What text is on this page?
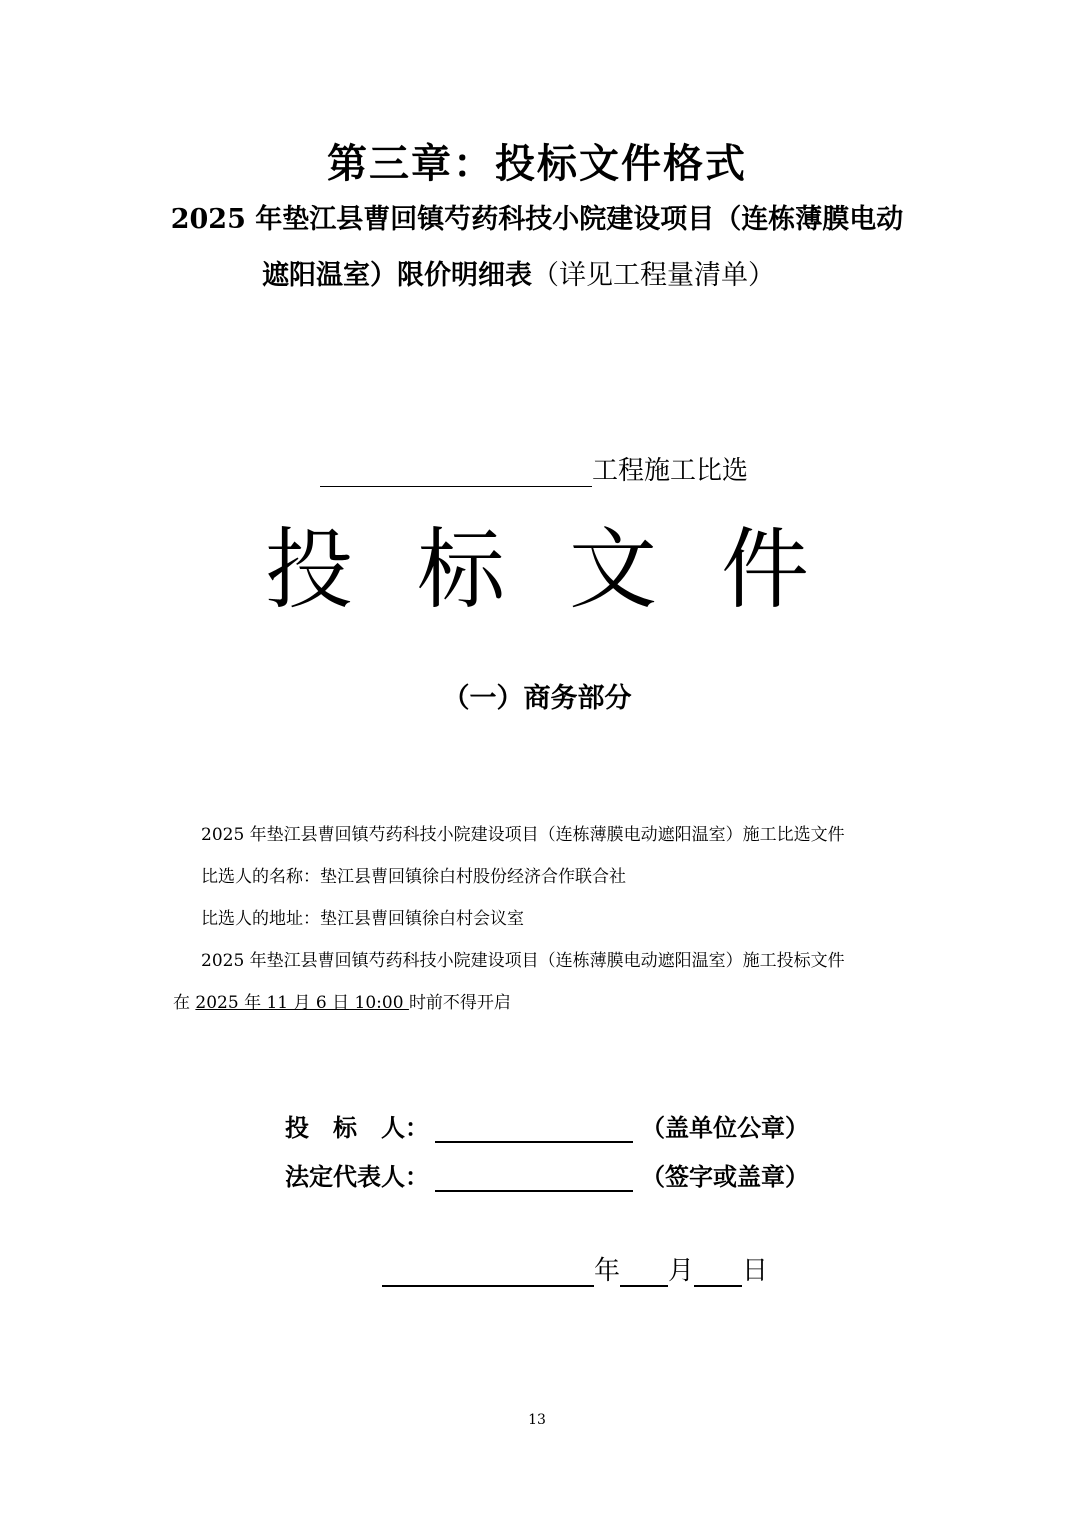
第三章：投标文件格式
2025 年垫江县曹回镇芍药科技小院建设项目（连栋薄膜电动
遮阳温室）限价明细表（详见工程量清单）
工程施工比选
投 标 文 件
（一）商务部分
2025 年垫江县曹回镇芍药科技小院建设项目（连栋薄膜电动遮阳温室）施工比选文件
比选人的名称：垫江县曹回镇徐白村股份经济合作联合社
比选人的地址：垫江县曹回镇徐白村会议室
2025 年垫江县曹回镇芍药科技小院建设项目（连栋薄膜电动遮阳温室）施工投标文件
在 2025 年 11 月 6 日 10:00 时前不得开启
投　标　人：	（盖单位公章）
法定代表人：	（签字或盖章）
年 月 日
13
